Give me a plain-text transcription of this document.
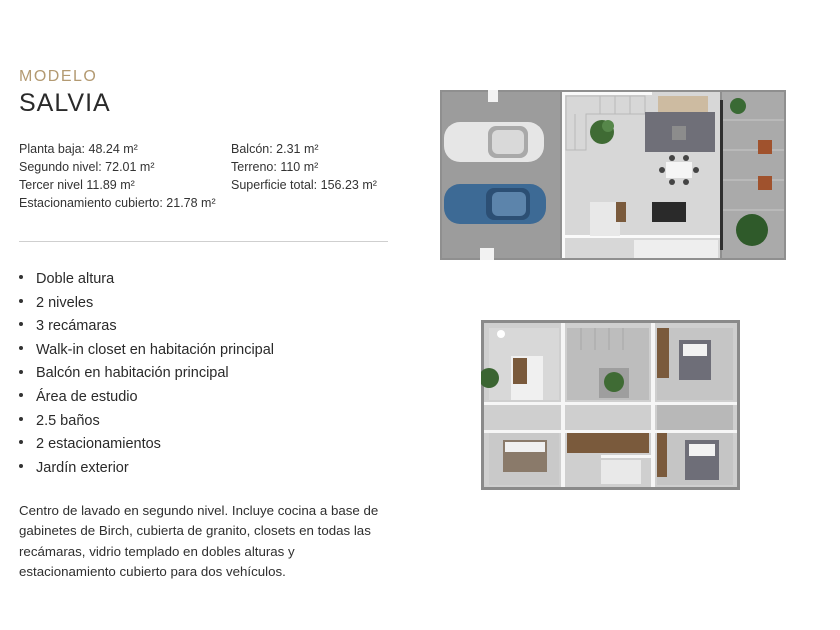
MODELO
SALVIA
Planta baja: 48.24 m²
Segundo nivel: 72.01 m²
Tercer nivel 11.89 m²
Estacionamiento cubierto: 21.78 m²
Balcón: 2.31 m²
Terreno: 110 m²
Superficie total: 156.23 m²
Doble altura
2 niveles
3 recámaras
Walk-in closet en habitación principal
Balcón en habitación principal
Área de estudio
2.5 baños
2 estacionamientos
Jardín exterior
Centro de lavado en segundo nivel. Incluye cocina a base de gabinetes de Birch, cubierta de granito, closets en todas las recámaras, vidrio templado en dobles alturas y estacionamiento cubierto para dos vehículos.
